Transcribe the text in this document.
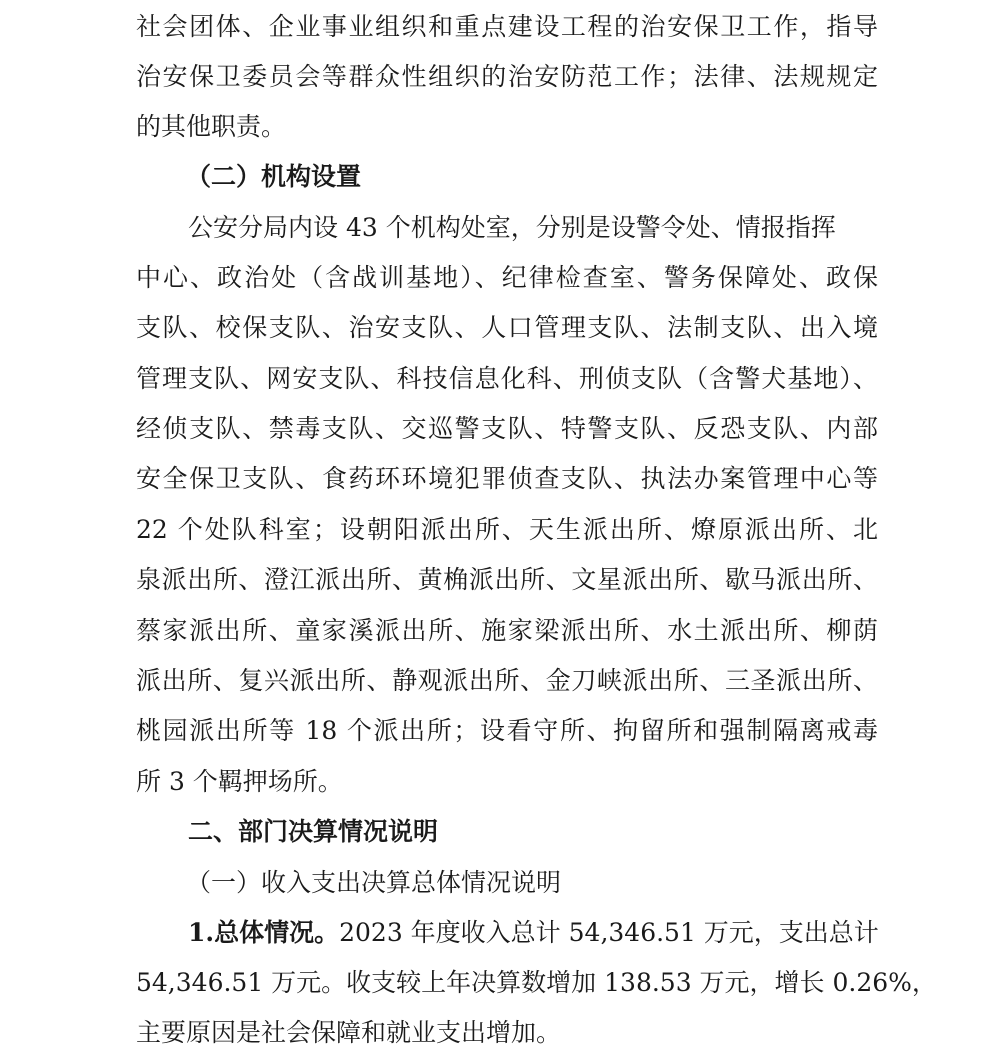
社会团体、企业事业组织和重点建设工程的治安保卫工作，指导
治安保卫委员会等群众性组织的治安防范工作；法律、法规规定
的其他职责。
（二）机构设置
公安分局内设 43 个机构处室，分别是设警令处、情报指挥
中心、政治处（含战训基地）、纪律检查室、警务保障处、政保
支队、校保支队、治安支队、人口管理支队、法制支队、出入境
管理支队、网安支队、科技信息化科、刑侦支队（含警犬基地）、
经侦支队、禁毒支队、交巡警支队、特警支队、反恐支队、内部
安全保卫支队、食药环环境犯罪侦查支队、执法办案管理中心等
22 个处队科室；设朝阳派出所、天生派出所、燎原派出所、北
泉派出所、澄江派出所、黄桷派出所、文星派出所、歇马派出所、
蔡家派出所、童家溪派出所、施家梁派出所、水土派出所、柳荫
派出所、复兴派出所、静观派出所、金刀峡派出所、三圣派出所、
桃园派出所等 18 个派出所；设看守所、拘留所和强制隔离戒毒
所 3 个羁押场所。
二、部门决算情况说明
（一）收入支出决算总体情况说明
1.总体情况。 2023 年度收入总计 54,346.51 万元，支出总计
54,346.51 万元。收支较上年决算数增加 138.53 万元，增长 0.26%，
主要原因是社会保障和就业支出增加。
